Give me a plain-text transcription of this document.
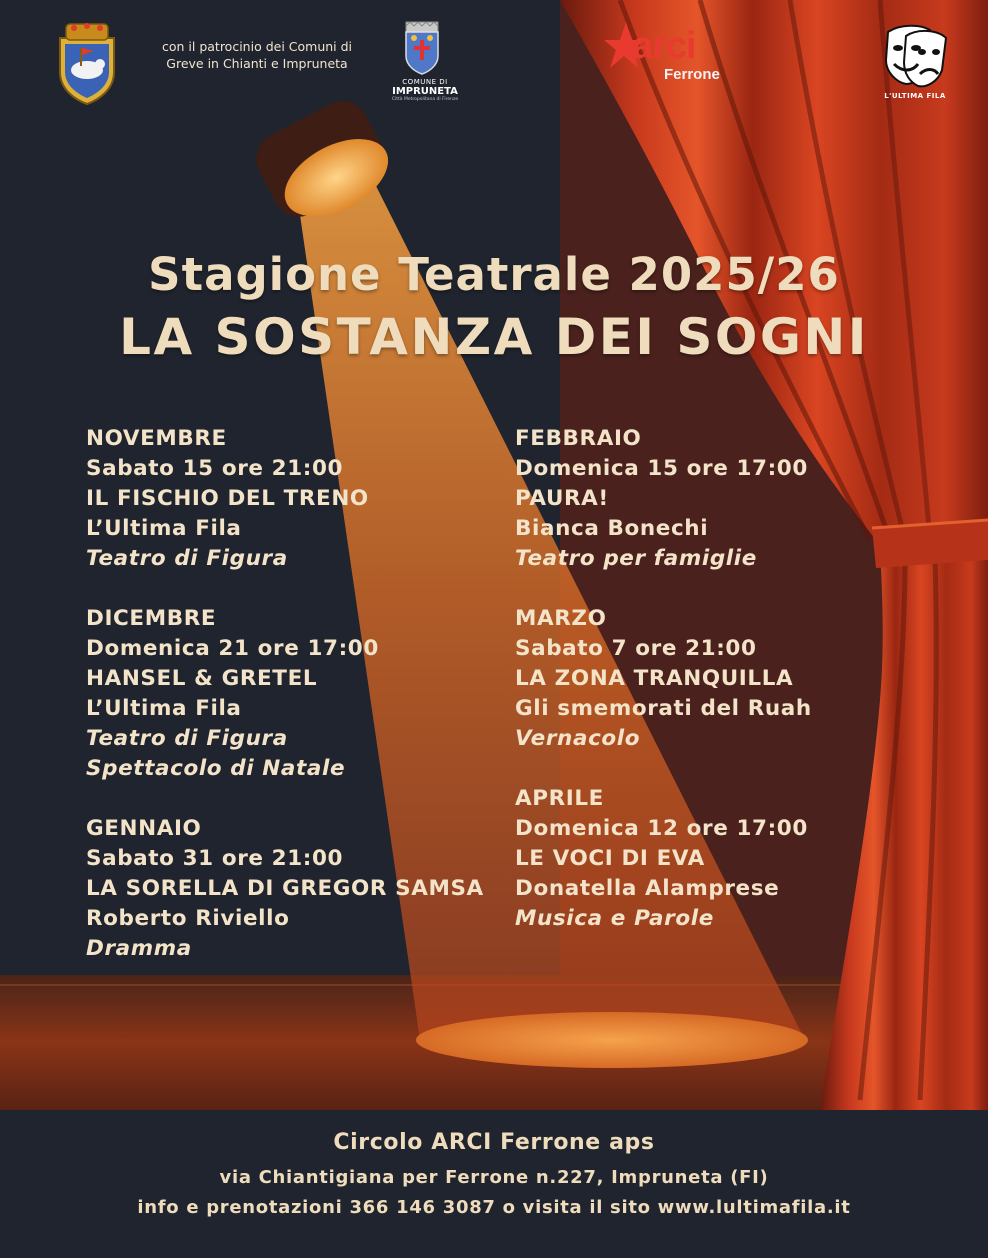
con il patrocinio dei Comuni di
Greve in Chianti e Impruneta
COMUNE DI
IMPRUNETA
Città Metropolitana di Firenze
arci
Ferrone
L'ULTIMA FILA
Stagione Teatrale 2025/26
LA SOSTANZA DEI SOGNI
NOVEMBRE
Sabato 15 ore 21:00
IL FISCHIO DEL TRENO
L’Ultima Fila
Teatro di Figura
DICEMBRE
Domenica 21 ore 17:00
HANSEL & GRETEL
L’Ultima Fila
Teatro di Figura
Spettacolo di Natale
GENNAIO
Sabato 31 ore 21:00
LA SORELLA DI GREGOR SAMSA
Roberto Riviello
Dramma
FEBBRAIO
Domenica 15 ore 17:00
PAURA!
Bianca Bonechi
Teatro per famiglie
MARZO
Sabato 7 ore 21:00
LA ZONA TRANQUILLA
Gli smemorati del Ruah
Vernacolo
APRILE
Domenica 12 ore 17:00
LE VOCI DI EVA
Donatella Alamprese
Musica e Parole
Circolo ARCI Ferrone aps
via Chiantigiana per Ferrone n.227, Impruneta (FI)
info e prenotazioni 366 146 3087 o visita il sito www.lultimafila.it
